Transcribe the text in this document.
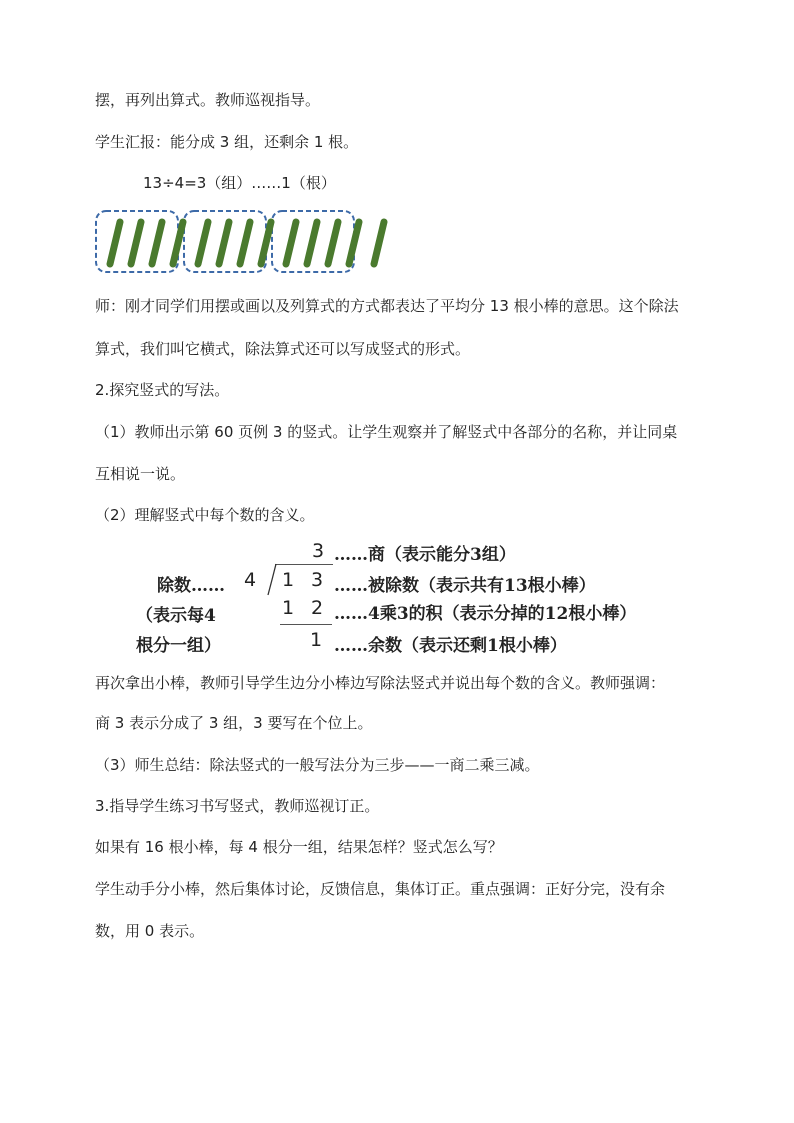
摆，再列出算式。教师巡视指导。
学生汇报：能分成 3 组，还剩余 1 根。
13÷4=3（组）……1（根）
师：刚才同学们用摆或画以及列算式的方式都表达了平均分 13 根小棒的意思。这个除法
算式，我们叫它横式，除法算式还可以写成竖式的形式。
2.探究竖式的写法。
（1）教师出示第 60 页例 3 的竖式。让学生观察并了解竖式中各部分的名称，并让同桌
互相说一说。
（2）理解竖式中每个数的含义。
3 ……商（表示能分3组）
除数…… 4 1 3 ……被除数（表示共有13根小棒）
（表示每4	1 2 ……4乘3的积（表示分掉的12根小棒）
根分一组）	1 ……余数（表示还剩1根小棒）
再次拿出小棒，教师引导学生边分小棒边写除法竖式并说出每个数的含义。教师强调：
商 3 表示分成了 3 组，3 要写在个位上。
（3）师生总结：除法竖式的一般写法分为三步——一商二乘三减。
3.指导学生练习书写竖式，教师巡视订正。
如果有 16 根小棒，每 4 根分一组，结果怎样？竖式怎么写？
学生动手分小棒，然后集体讨论，反馈信息，集体订正。重点强调：正好分完，没有余
数，用 0 表示。
